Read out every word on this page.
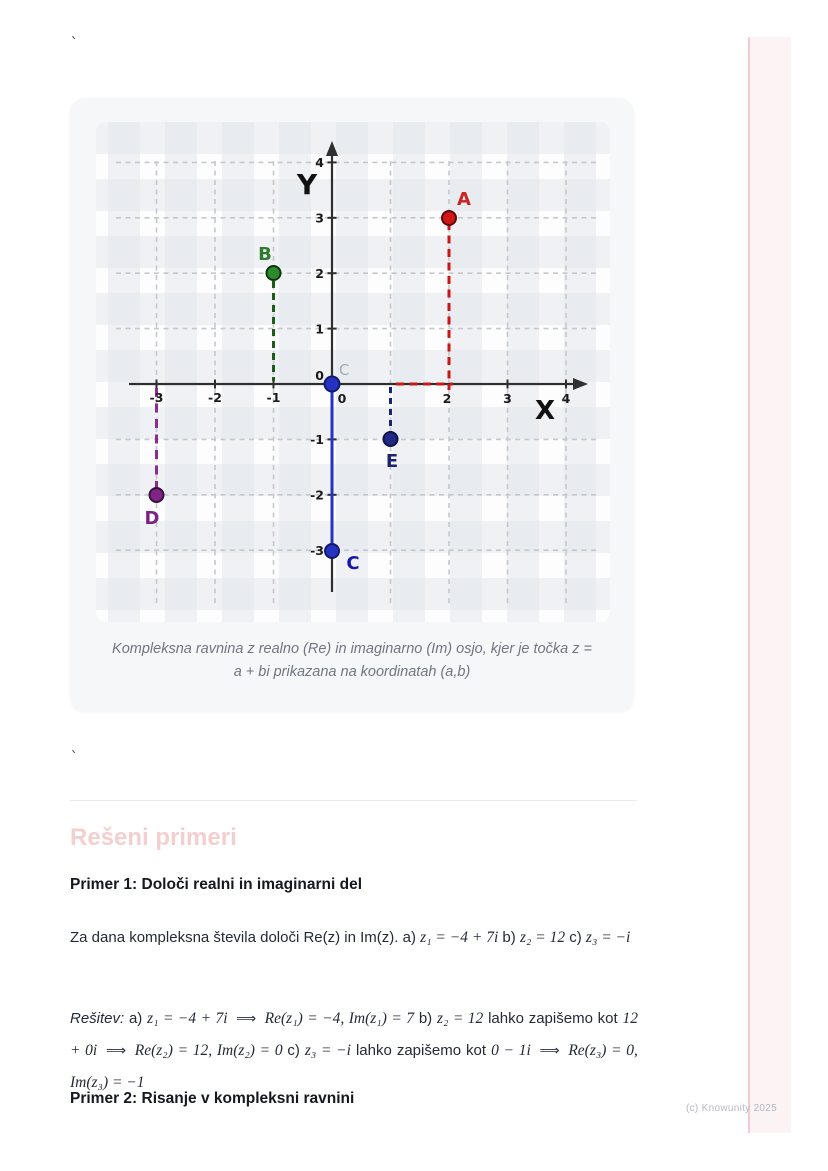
`
-3	-2	-1	0	2	3	4
4
3
2
1
0
-1
-2
-3
Y
X
A
B
C
C
D
E
Kompleksna ravnina z realno (Re) in imaginarno (Im) osjo, kjer je točka z = a + bi prikazana na koordinatah (a,b)
`
Rešeni primeri
Primer 1: Določi realni in imaginarni del

Za dana kompleksna števila določi Re(z) in Im(z). a) z₁ = −4 + 7i b) z₂ = 12 c) z₃ = −i

Rešitev: a) z₁ = −4 + 7i ⟹ Re(z₁) = −4, Im(z₁) = 7 b) z₂ = 12 lahko zapišemo kot 12 + 0i ⟹ Re(z₂) = 12, Im(z₂) = 0 c) z₃ = −i lahko zapišemo kot 0 − 1i ⟹ Re(z₃) = 0, Im(z₃) = −1

Primer 2: Risanje v kompleksni ravnini
(c) Knowunity 2025
